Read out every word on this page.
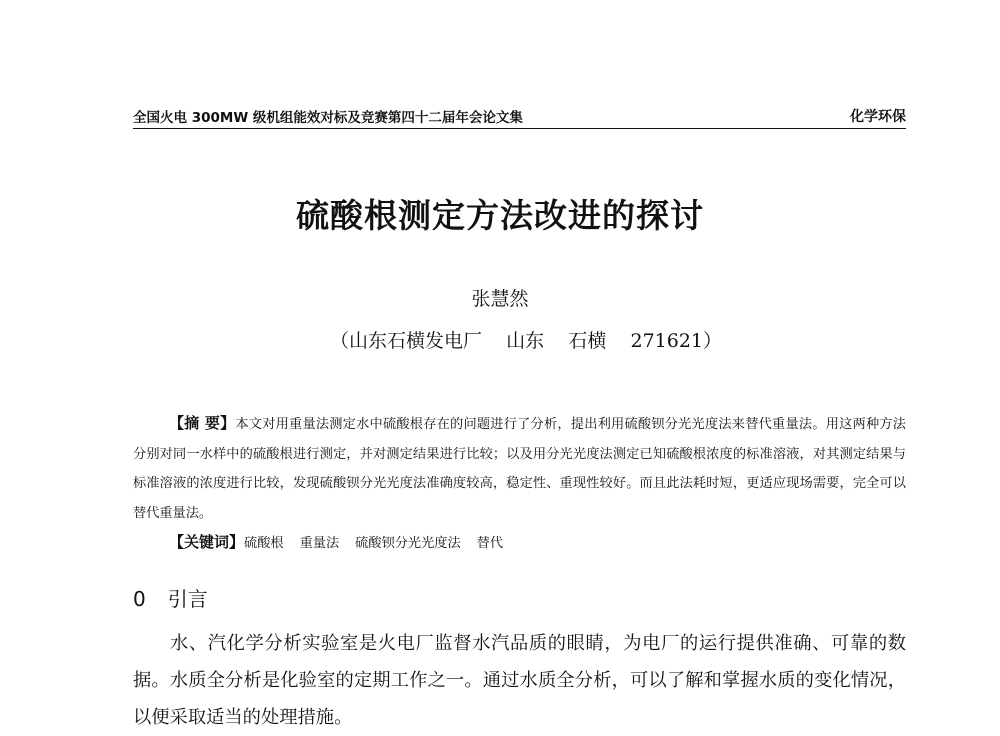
全国火电 300MW 级机组能效对标及竞赛第四十二届年会论文集	化学环保
硫酸根测定方法改进的探讨
张慧然
（山东石横发电厂    山东    石横    271621）

【摘 要】本文对用重量法测定水中硫酸根存在的问题进行了分析，提出利用硫酸钡分光光度法来替代重量法。用这两种方法分别对同一水样中的硫酸根进行测定，并对测定结果进行比较；以及用分光光度法测定已知硫酸根浓度的标准溶液，对其测定结果与标准溶液的浓度进行比较，发现硫酸钡分光光度法准确度较高，稳定性、重现性较好。而且此法耗时短，更适应现场需要，完全可以替代重量法。

【关键词】硫酸根 重量法 硫酸钡分光光度法 替代
0 引言

水、汽化学分析实验室是火电厂监督水汽品质的眼睛，为电厂的运行提供准确、可靠的数据。水质全分析是化验室的定期工作之一。通过水质全分析，可以了解和掌握水质的变化情况，以便采取适当的处理措施。
